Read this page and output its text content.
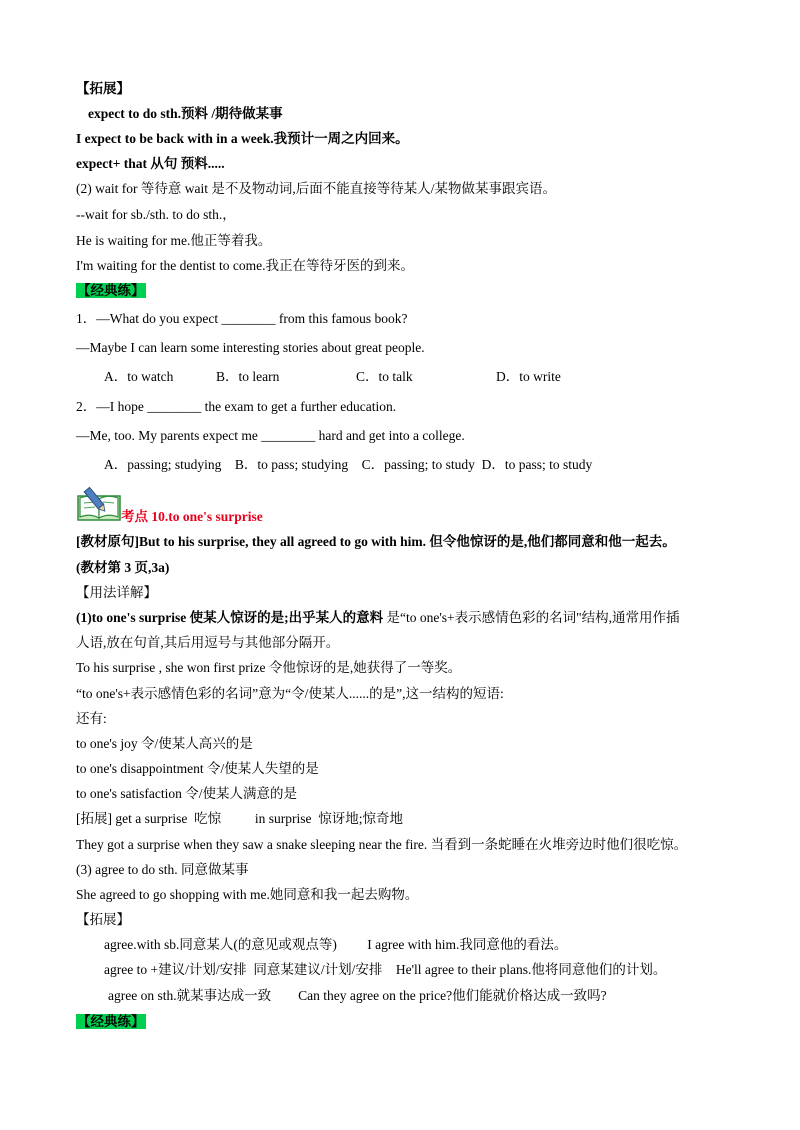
【拓展】
expect to do sth.预料 /期待做某事
I expect to be back with in a week.我预计一周之内回来。
expect+ that 从句 预料.....
(2) wait for 等待意 wait 是不及物动词,后面不能直接等待某人/某物做某事跟宾语。
--wait for sb./sth. to do sth.，
He is waiting for me.他正等着我。
I'm waiting for the dentist to come.我正在等待牙医的到来。
【经典练】
1．—What do you expect ________ from this famous book?
—Maybe I can learn some interesting stories about great people.
A．to watch	B．to learn	C．to talk	D．to write
2．—I hope ________ the exam to get a further education.
—Me, too. My parents expect me ________ hard and get into a college.
A．passing; studying    B．to pass; studying    C．passing; to study  D．to pass; to study
考点 10.to one's surprise
[教材原句]But to his surprise, they all agreed to go with him. 但令他惊讶的是,他们都同意和他一起去。
(教材第 3 页,3a)
【用法详解】
(1)to one's surprise 使某人惊讶的是;出乎某人的意料 是“to one's+表示感情色彩的名词"结构,通常用作插
人语,放在句首,其后用逗号与其他部分隔开。
To his surprise , she won first prize 令他惊讶的是,她获得了一等奖。
“to one's+表示感情色彩的名词”意为“令/使某人......的是”,这一结构的短语:
还有:
to one's joy 令/使某人高兴的是
to one's disappointment 令/使某人失望的是
to one's satisfaction 令/使某人满意的是
[拓展] get a surprise  吃惊          in surprise  惊讶地;惊奇地
They got a surprise when they saw a snake sleeping near the fire. 当看到一条蛇睡在火堆旁边时他们很吃惊。
(3) agree to do sth. 同意做某事
She agreed to go shopping with me.她同意和我一起去购物。
【拓展】
agree.with sb.同意某人(的意见或观点等)         I agree with him.我同意他的看法。
agree to +建议/计划/安排  同意某建议/计划/安排    He'll agree to their plans.他将同意他们的计划。
agree on sth.就某事达成一致        Can they agree on the price?他们能就价格达成一致吗?
【经典练】
